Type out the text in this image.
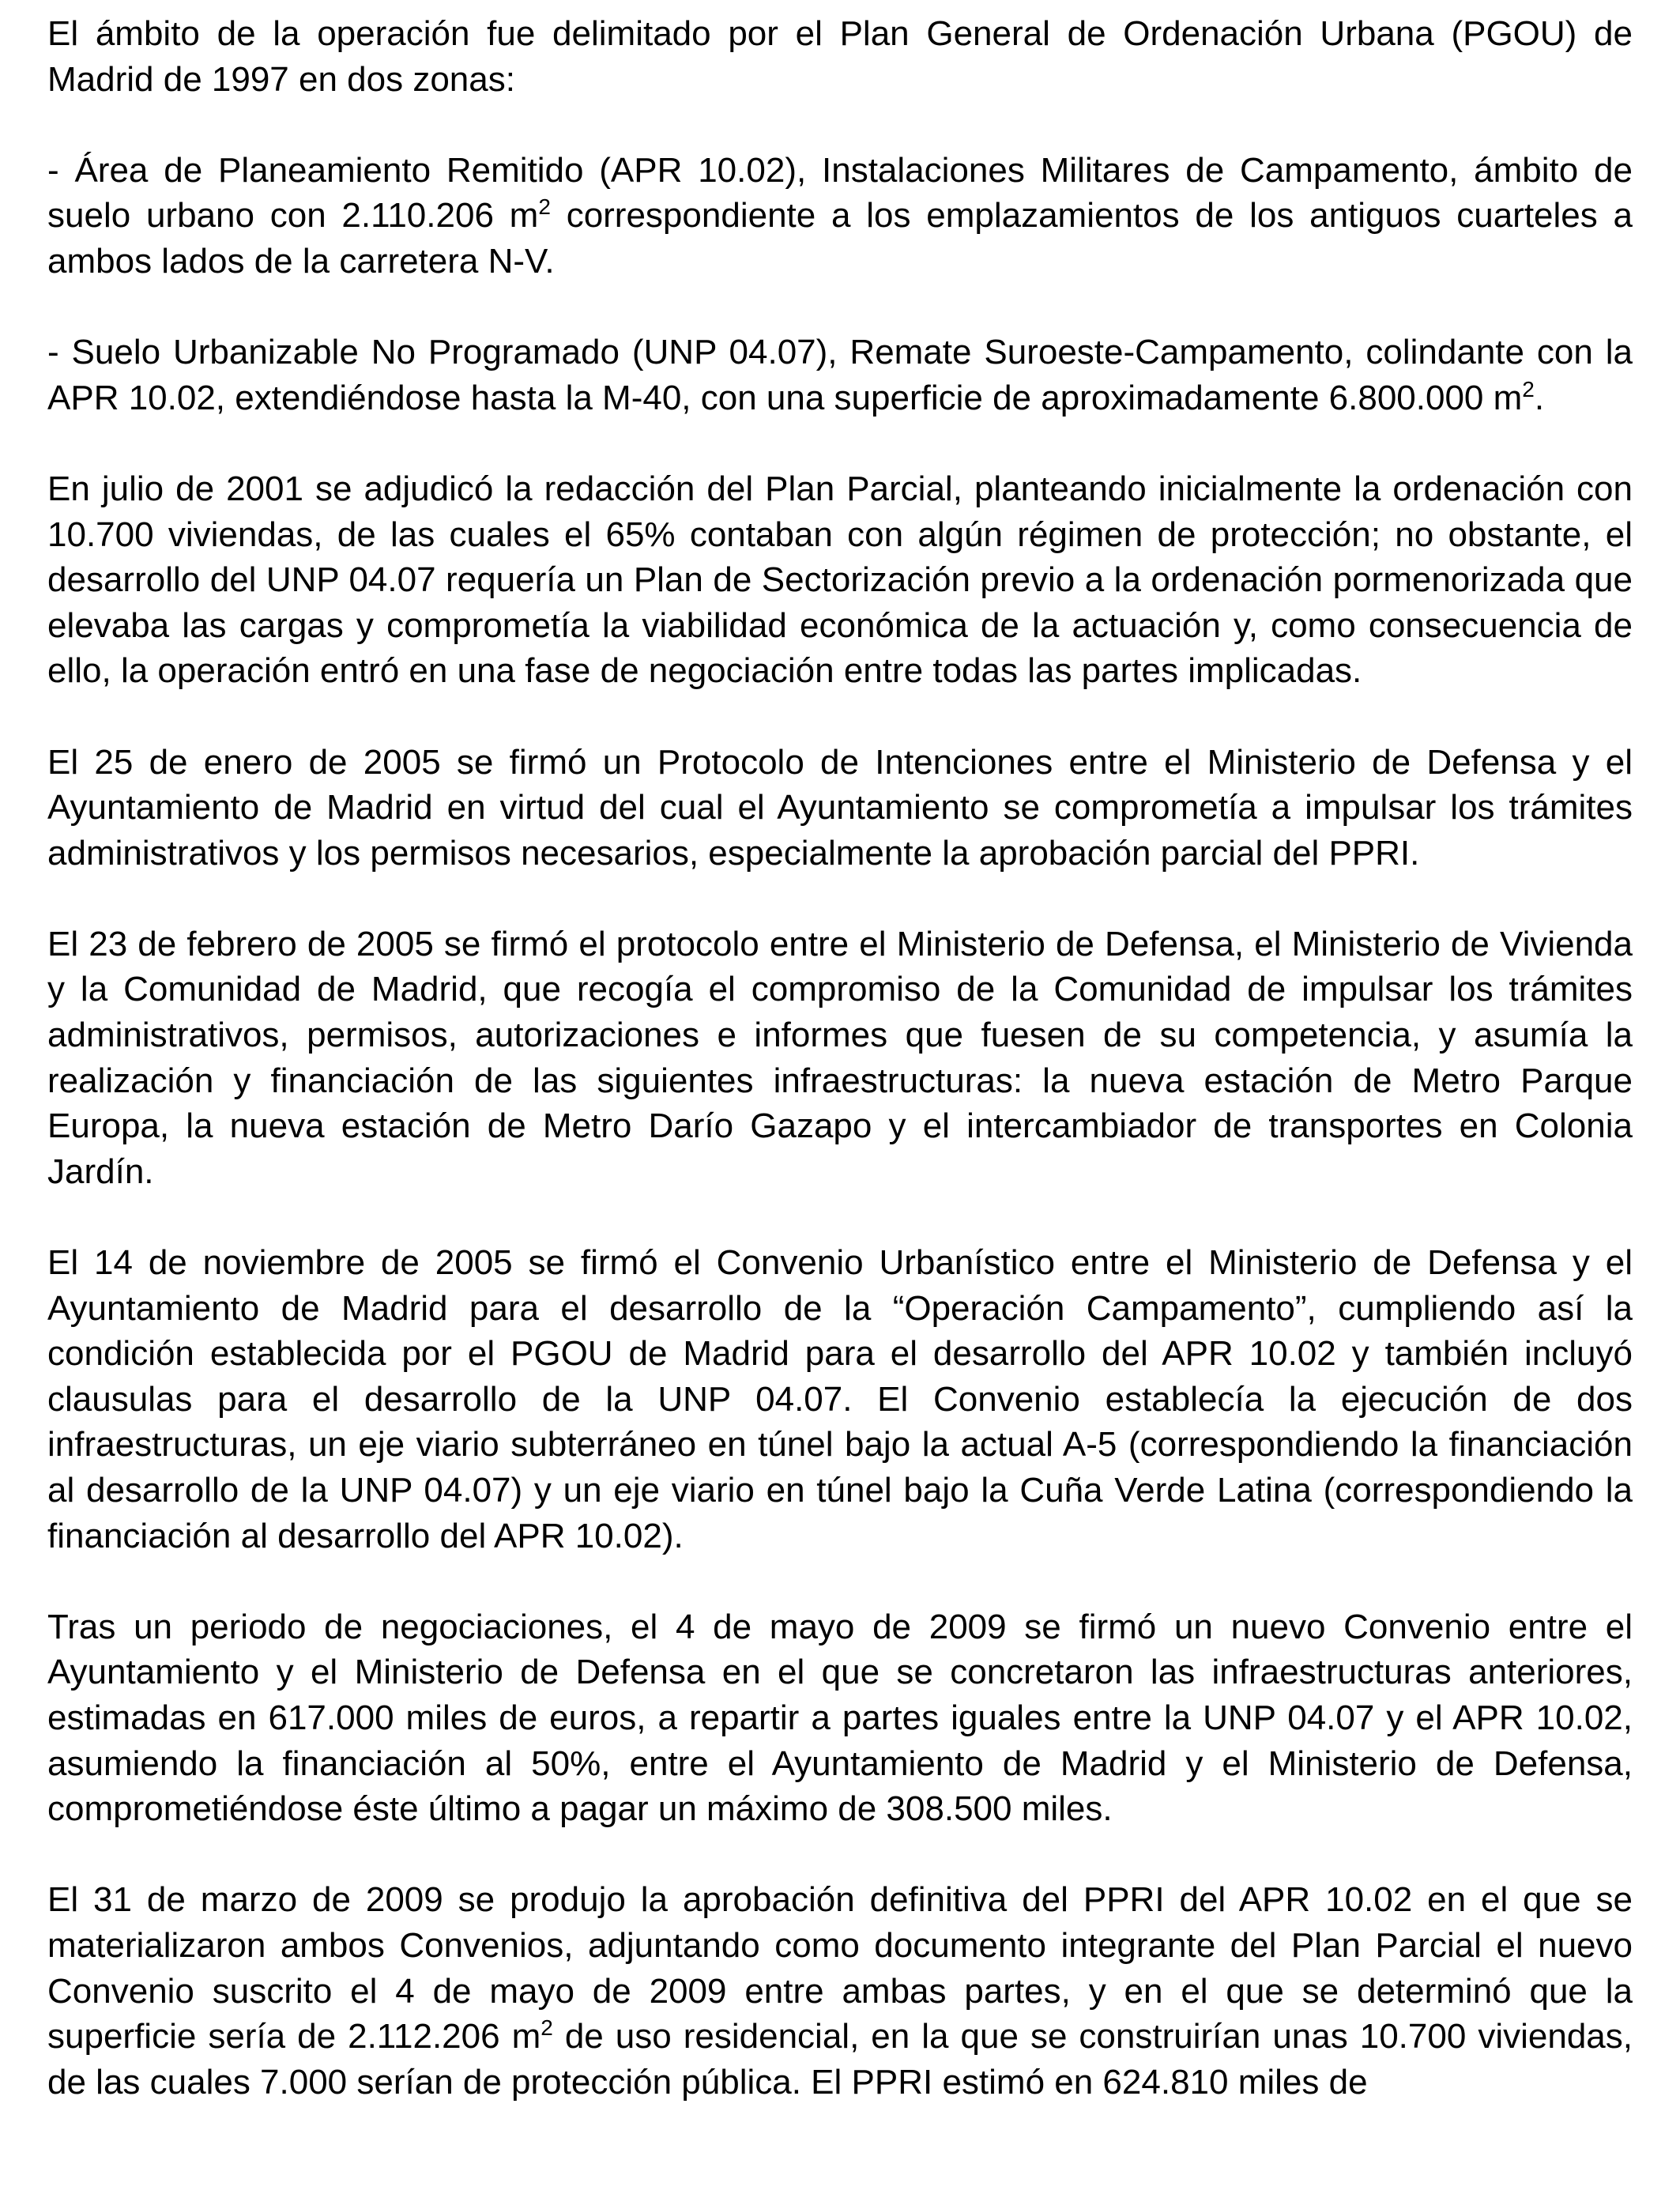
El ámbito de la operación fue delimitado por el Plan General de Ordenación Urbana (PGOU) de Madrid de 1997 en dos zonas:

- Área de Planeamiento Remitido (APR 10.02), Instalaciones Militares de Campamento, ámbito de suelo urbano con 2.110.206 $m^2$ correspondiente a los emplazamientos de los antiguos cuarteles a ambos lados de la carretera N-V.

- Suelo Urbanizable No Programado (UNP 04.07), Remate Suroeste-Campamento, colindante con la APR 10.02, extendiéndose hasta la M-40, con una superficie de aproximadamente 6.800.000 $m^2$.

En julio de 2001 se adjudicó la redacción del Plan Parcial, planteando inicialmente la ordenación con 10.700 viviendas, de las cuales el 65% contaban con algún régimen de protección; no obstante, el desarrollo del UNP 04.07 requería un Plan de Sectorización previo a la ordenación pormenorizada que elevaba las cargas y comprometía la viabilidad económica de la actuación y, como consecuencia de ello, la operación entró en una fase de negociación entre todas las partes implicadas.

El 25 de enero de 2005 se firmó un Protocolo de Intenciones entre el Ministerio de Defensa y el Ayuntamiento de Madrid en virtud del cual el Ayuntamiento se comprometía a impulsar los trámites administrativos y los permisos necesarios, especialmente la aprobación parcial del PPRI.

El 23 de febrero de 2005 se firmó el protocolo entre el Ministerio de Defensa, el Ministerio de Vivienda y la Comunidad de Madrid, que recogía el compromiso de la Comunidad de impulsar los trámites administrativos, permisos, autorizaciones e informes que fuesen de su competencia, y asumía la realización y financiación de las siguientes infraestructuras: la nueva estación de Metro Parque Europa, la nueva estación de Metro Darío Gazapo y el intercambiador de transportes en Colonia Jardín.

El 14 de noviembre de 2005 se firmó el Convenio Urbanístico entre el Ministerio de Defensa y el Ayuntamiento de Madrid para el desarrollo de la “Operación Campamento”, cumpliendo así la condición establecida por el PGOU de Madrid para el desarrollo del APR 10.02 y también incluyó clausulas para el desarrollo de la UNP 04.07. El Convenio establecía la ejecución de dos infraestructuras, un eje viario subterráneo en túnel bajo la actual A-5 (correspondiendo la financiación al desarrollo de la UNP 04.07) y un eje viario en túnel bajo la Cuña Verde Latina (correspondiendo la financiación al desarrollo del APR 10.02).

Tras un periodo de negociaciones, el 4 de mayo de 2009 se firmó un nuevo Convenio entre el Ayuntamiento y el Ministerio de Defensa en el que se concretaron las infraestructuras anteriores, estimadas en 617.000 miles de euros, a repartir a partes iguales entre la UNP 04.07 y el APR 10.02, asumiendo la financiación al 50%, entre el Ayuntamiento de Madrid y el Ministerio de Defensa, comprometiéndose éste último a pagar un máximo de 308.500 miles.

El 31 de marzo de 2009 se produjo la aprobación definitiva del PPRI del APR 10.02 en el que se materializaron ambos Convenios, adjuntando como documento integrante del Plan Parcial el nuevo Convenio suscrito el 4 de mayo de 2009 entre ambas partes, y en el que se determinó que la superficie sería de 2.112.206 $m^2$ de uso residencial, en la que se construirían unas 10.700 viviendas, de las cuales 7.000 serían de protección pública. El PPRI estimó en 624.810 miles de
